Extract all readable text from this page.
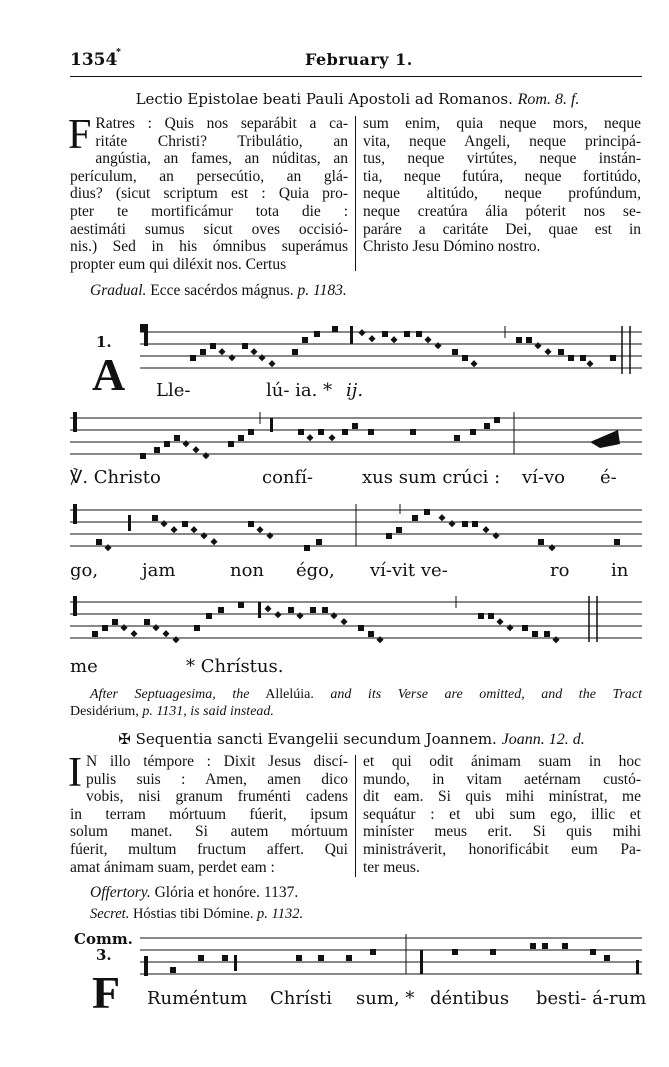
1354
*	February 1.
Lectio Epistolae beati Pauli Apostoli ad Romanos. Rom. 8. f.
F Ratres : Quis nos separábit a ca-
ritáte Christi? Tribulátio, an
angústia, an fames, an núditas, an
perículum, an persecútio, an glá-
dius? (sicut scriptum est : Quia pro-
pter te mortificámur tota die :
aestimáti sumus sicut oves occisió-
nis.) Sed in his ómnibus superámus
propter eum qui diléxit nos. Certus
sum enim, quia neque mors, neque
vita, neque Angeli, neque principá-
tus, neque virtútes, neque instán-
tia, neque futúra, neque fortitúdo,
neque altitúdo, neque profúndum,
neque creatúra ália póterit nos se-
paráre a caritáte Dei, quae est in
Christo Jesu Dómino nostro.
Gradual. Ecce sacérdos mágnus. p. 1183.
1.
A Lle-	lú- ia. * ij.
℣. Christo	confí-	xus sum crúci : ví-vo é-
go, jam	non égo, ví-vit ve-	ro in
me	* Chrístus.
After Septuagesima, the Allelúia. and its Verse are omitted, and the Tract
Desidérium, p. 1131, is said instead.
✠ Sequentia sancti Evangelii secundum Joannem. Joann. 12. d.
I N illo témpore : Dixit Jesus discí-
pulis suis : Amen, amen dico
vobis, nisi granum fruménti cadens
in terram mórtuum fúerit, ipsum
solum manet. Si autem mórtuum
fúerit, multum fructum affert. Qui
amat ánimam suam, perdet eam :
et qui odit ánimam suam in hoc
mundo, in vitam aetérnam custó-
dit eam. Si quis mihi minístrat, me
sequátur : et ubi sum ego, illic et
miníster meus erit. Si quis mihi
ministráverit, honorificábit eum Pa-
ter meus.
Offertory. Glória et honóre. 1137.
Secret. Hóstias tibi Dómine. p. 1132.
Comm.
3.
F Ruméntum Chrísti sum, * déntibus besti- á-rum
